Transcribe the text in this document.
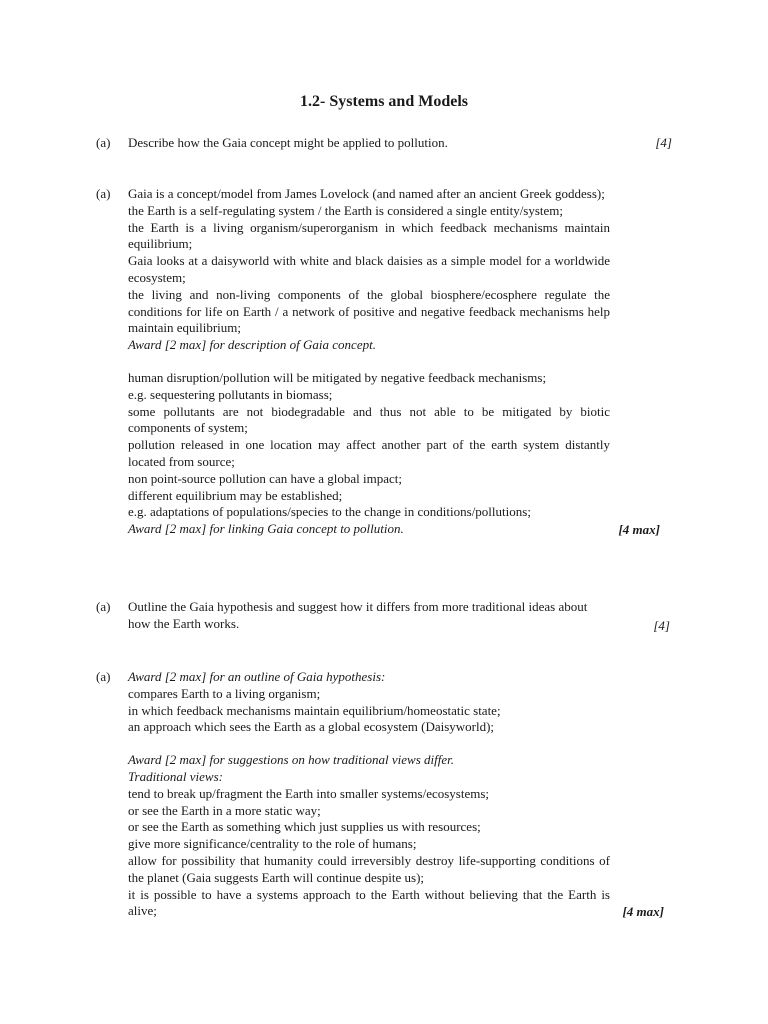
1.2- Systems and Models
(a) Describe how the Gaia concept might be applied to pollution.	[4]
(a) Gaia is a concept/model from James Lovelock (and named after an ancient Greek goddess);
the Earth is a self-regulating system / the Earth is considered a single entity/system;
the Earth is a living organism/superorganism in which feedback mechanisms maintain equilibrium;
Gaia looks at a daisyworld with white and black daisies as a simple model for a worldwide ecosystem;
the living and non-living components of the global biosphere/ecosphere regulate the conditions for life on Earth / a network of positive and negative feedback mechanisms help maintain equilibrium;
Award [2 max] for description of Gaia concept.
human disruption/pollution will be mitigated by negative feedback mechanisms;
e.g. sequestering pollutants in biomass;
some pollutants are not biodegradable and thus not able to be mitigated by biotic components of system;
pollution released in one location may affect another part of the earth system distantly located from source;
non point-source pollution can have a global impact;
different equilibrium may be established;
e.g. adaptations of populations/species to the change in conditions/pollutions;
Award [2 max] for linking Gaia concept to pollution.	[4 max]
(a) Outline the Gaia hypothesis and suggest how it differs from more traditional ideas about
how the Earth works.	[4]
(a) Award [2 max] for an outline of Gaia hypothesis:
compares Earth to a living organism;
in which feedback mechanisms maintain equilibrium/homeostatic state;
an approach which sees the Earth as a global ecosystem (Daisyworld);
Award [2 max] for suggestions on how traditional views differ.
Traditional views:
tend to break up/fragment the Earth into smaller systems/ecosystems;
or see the Earth in a more static way;
or see the Earth as something which just supplies us with resources;
give more significance/centrality to the role of humans;
allow for possibility that humanity could irreversibly destroy life-supporting conditions of the planet (Gaia suggests Earth will continue despite us);
it is possible to have a systems approach to the Earth without believing that the Earth is alive;	[4 max]
